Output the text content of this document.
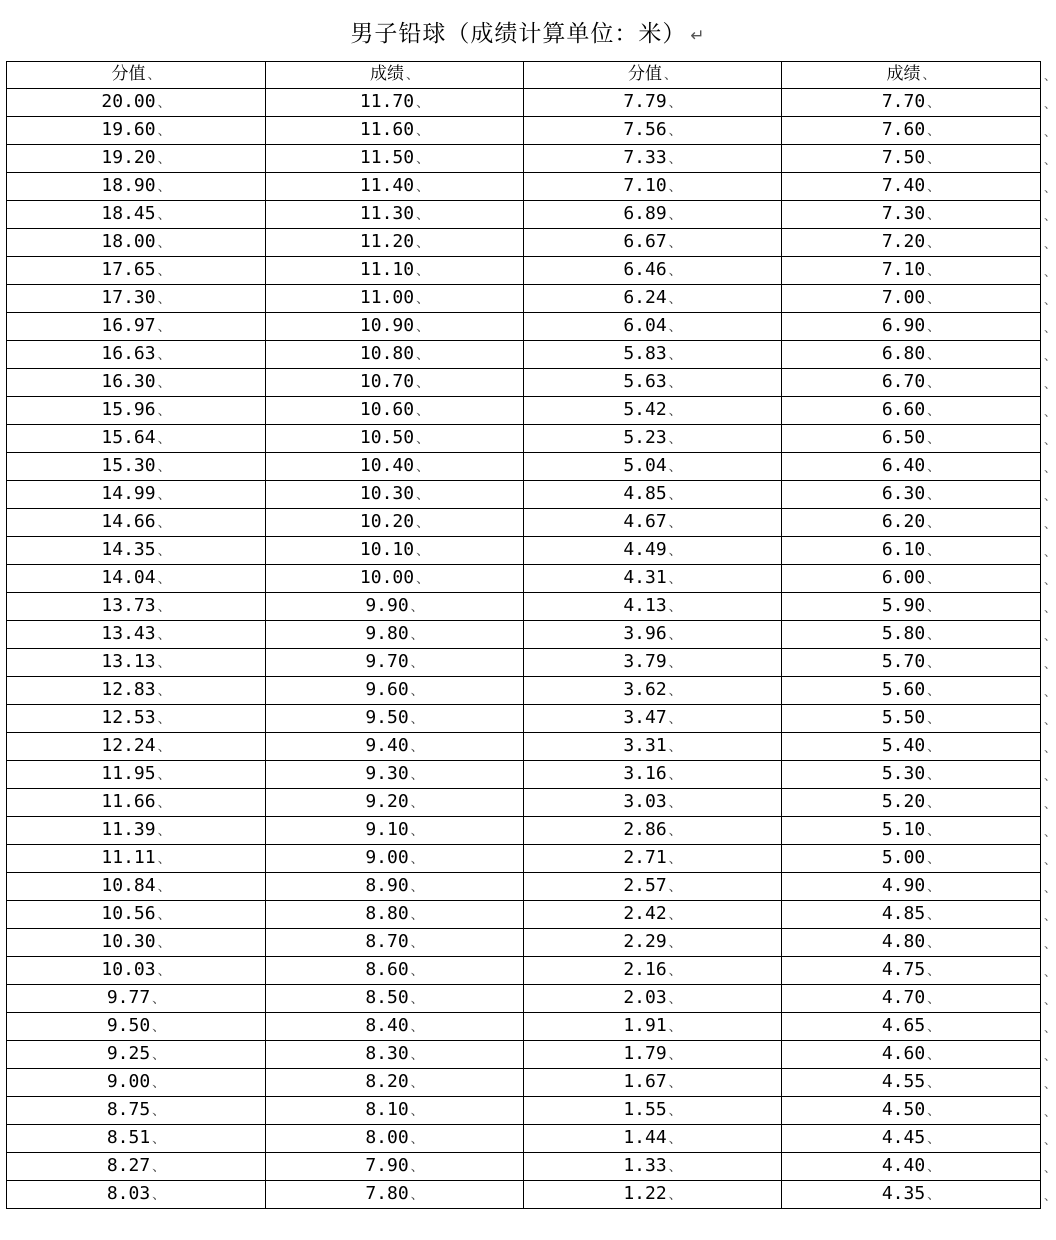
男子铅球（成绩计算单位：米） ↵
分值 、	成绩 、	分值 、	成绩 、
20.00 、	11.70 、	7.79 、	7.70 、
19.60 、	11.60 、	7.56 、	7.60 、
19.20 、	11.50 、	7.33 、	7.50 、
18.90 、	11.40 、	7.10 、	7.40 、
18.45 、	11.30 、	6.89 、	7.30 、
18.00 、	11.20 、	6.67 、	7.20 、
17.65 、	11.10 、	6.46 、	7.10 、
17.30 、	11.00 、	6.24 、	7.00 、
16.97 、	10.90 、	6.04 、	6.90 、
16.63 、	10.80 、	5.83 、	6.80 、
16.30 、	10.70 、	5.63 、	6.70 、
15.96 、	10.60 、	5.42 、	6.60 、
15.64 、	10.50 、	5.23 、	6.50 、
15.30 、	10.40 、	5.04 、	6.40 、
14.99 、	10.30 、	4.85 、	6.30 、
14.66 、	10.20 、	4.67 、	6.20 、
14.35 、	10.10 、	4.49 、	6.10 、
14.04 、	10.00 、	4.31 、	6.00 、
13.73 、	9.90 、	4.13 、	5.90 、
13.43 、	9.80 、	3.96 、	5.80 、
13.13 、	9.70 、	3.79 、	5.70 、
12.83 、	9.60 、	3.62 、	5.60 、
12.53 、	9.50 、	3.47 、	5.50 、
12.24 、	9.40 、	3.31 、	5.40 、
11.95 、	9.30 、	3.16 、	5.30 、
11.66 、	9.20 、	3.03 、	5.20 、
11.39 、	9.10 、	2.86 、	5.10 、
11.11 、	9.00 、	2.71 、	5.00 、
10.84 、	8.90 、	2.57 、	4.90 、
10.56 、	8.80 、	2.42 、	4.85 、
10.30 、	8.70 、	2.29 、	4.80 、
10.03 、	8.60 、	2.16 、	4.75 、
9.77 、	8.50 、	2.03 、	4.70 、
9.50 、	8.40 、	1.91 、	4.65 、
9.25 、	8.30 、	1.79 、	4.60 、
9.00 、	8.20 、	1.67 、	4.55 、
8.75 、	8.10 、	1.55 、	4.50 、
8.51 、	8.00 、	1.44 、	4.45 、
8.27 、	7.90 、	1.33 、	4.40 、
8.03 、	7.80 、	1.22 、	4.35 、
、
、
、
、
、
、
、
、
、
、
、
、
、
、
、
、
、
、
、
、
、
、
、
、
、
、
、
、
、
、
、
、
、
、
、
、
、
、
、
、
、
